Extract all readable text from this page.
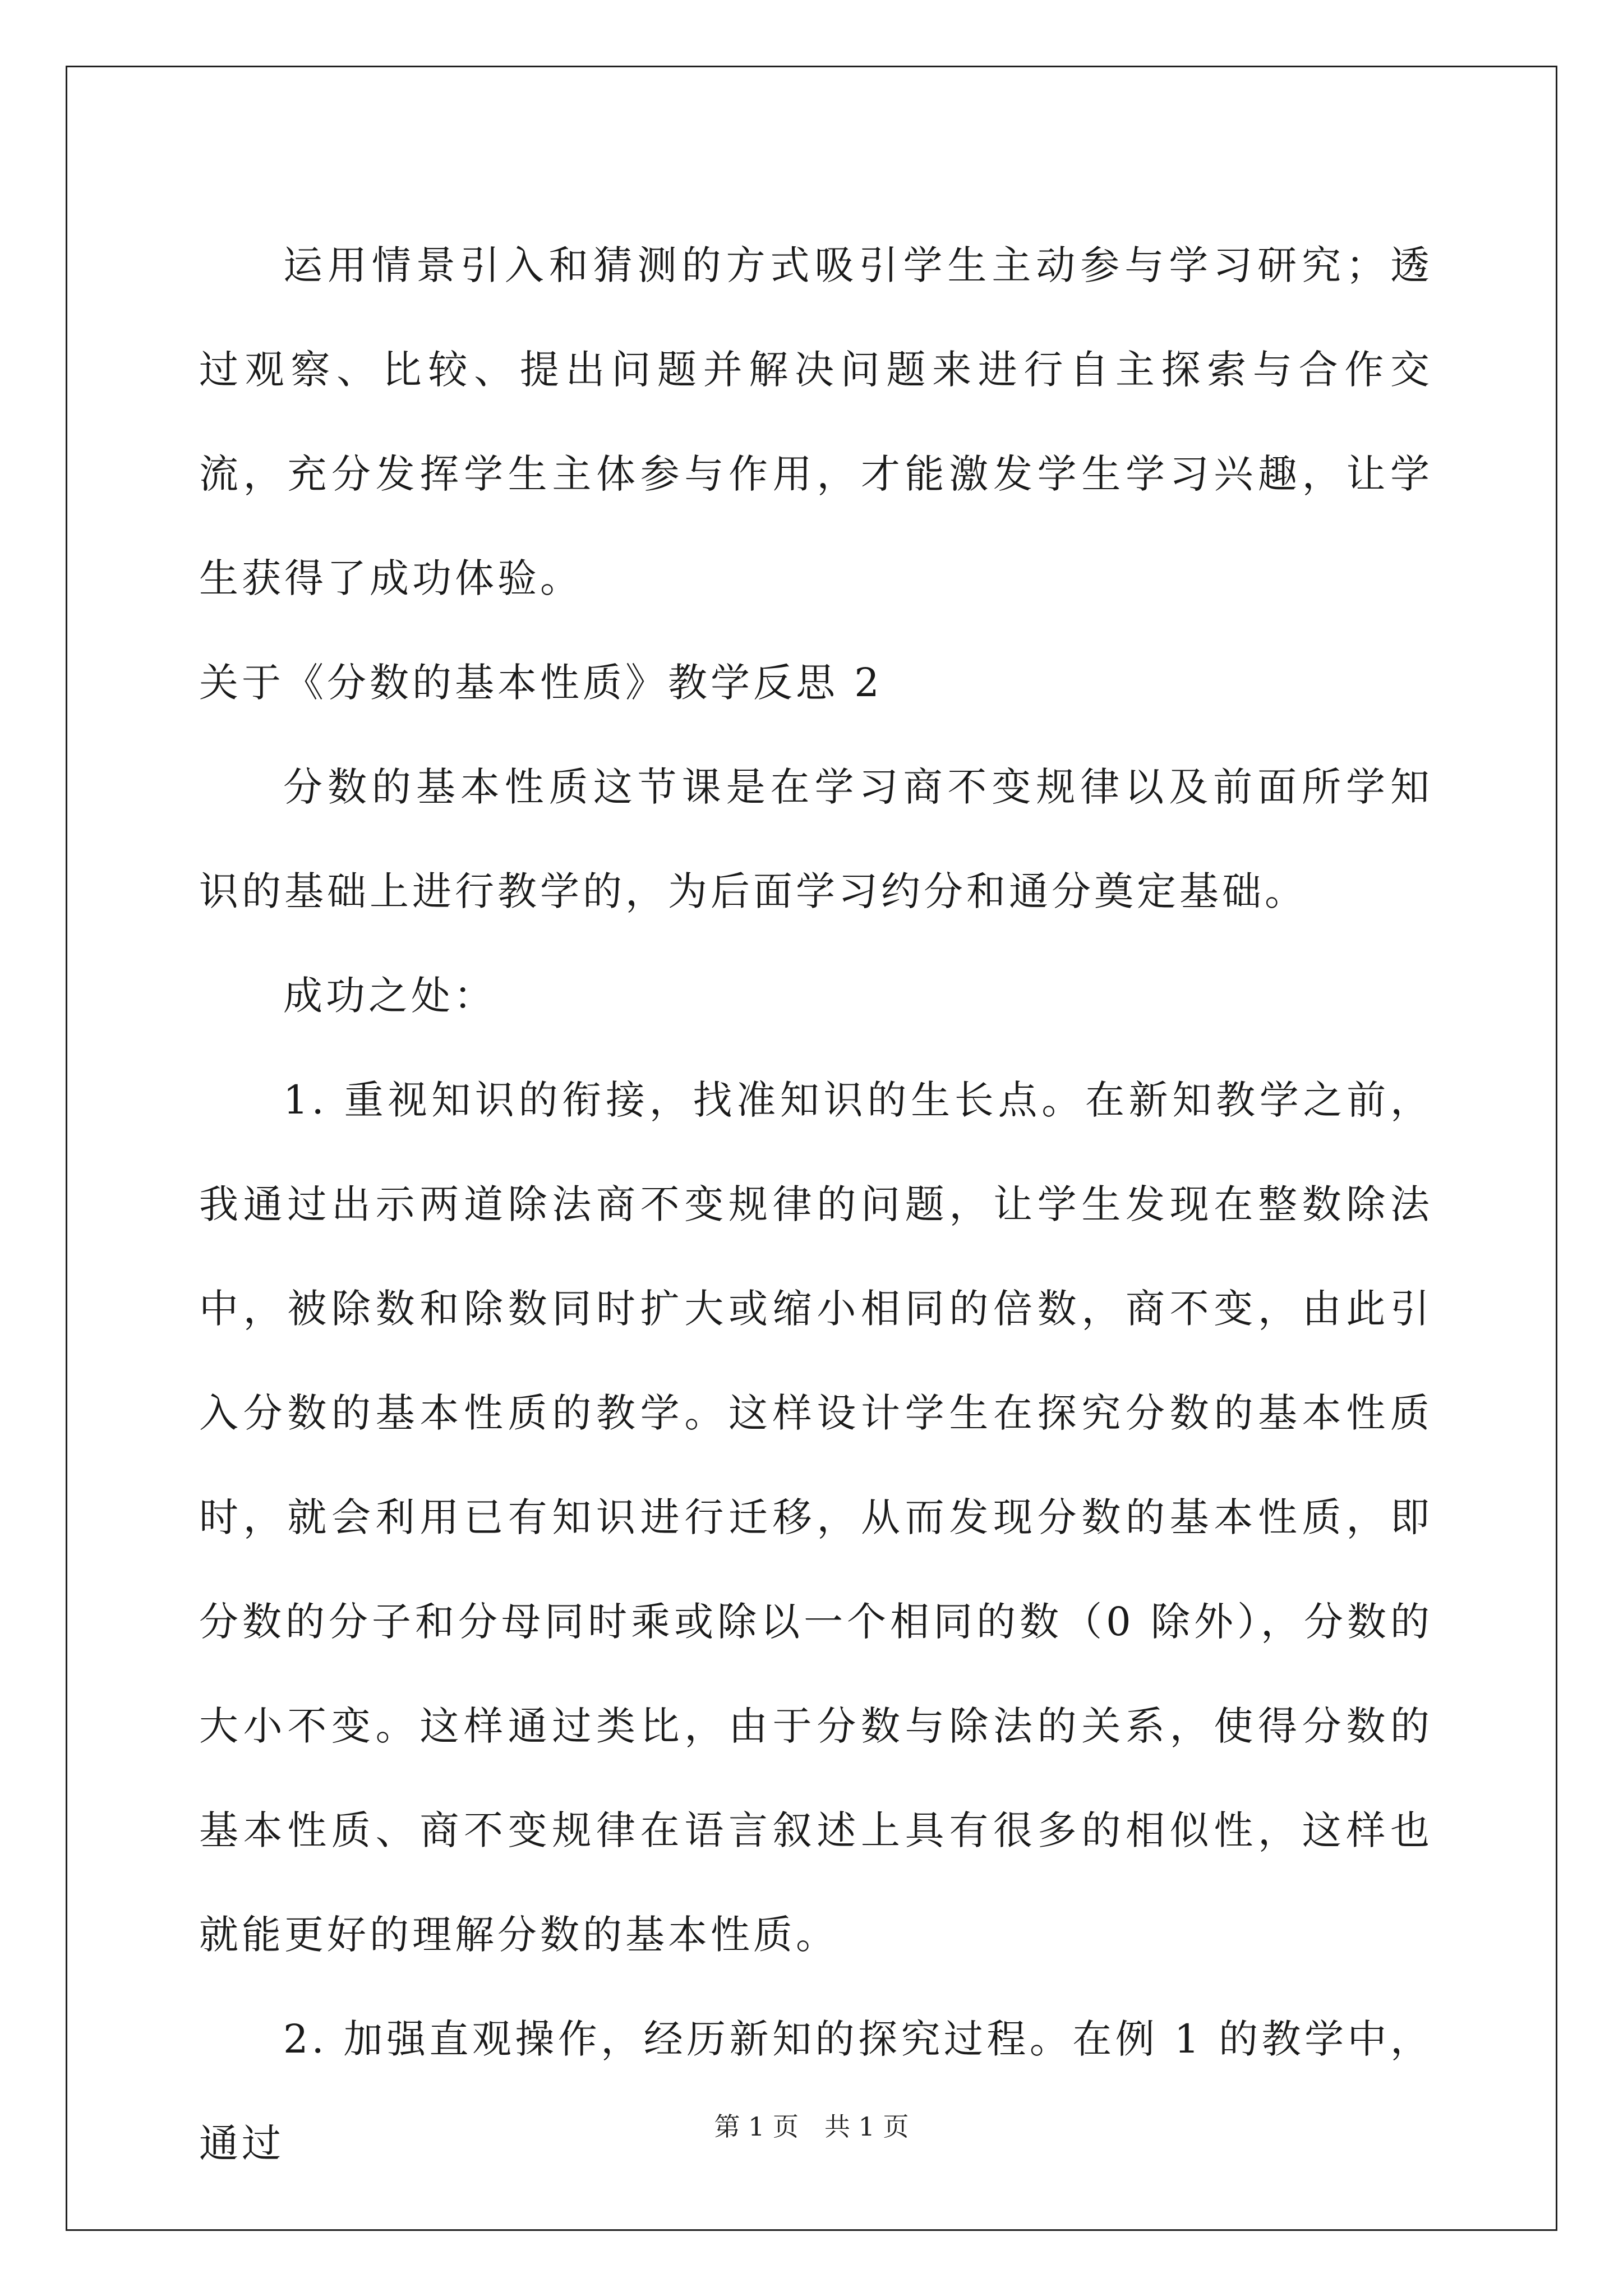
运用情景引入和猜测的方式吸引学生主动参与学习研究；透过观察、比较、提出问题并解决问题来进行自主探索与合作交流，充分发挥学生主体参与作用，才能激发学生学习兴趣，让学生获得了成功体验。

关于《分数的基本性质》教学反思 2

分数的基本性质这节课是在学习商不变规律以及前面所学知识的基础上进行教学的，为后面学习约分和通分奠定基础。

成功之处：

1. 重视知识的衔接，找准知识的生长点。在新知教学之前，我通过出示两道除法商不变规律的问题，让学生发现在整数除法中，被除数和除数同时扩大或缩小相同的倍数，商不变，由此引入分数的基本性质的教学。这样设计学生在探究分数的基本性质时，就会利用已有知识进行迁移，从而发现分数的基本性质，即分数的分子和分母同时乘或除以一个相同的数（0 除外），分数的大小不变。这样通过类比，由于分数与除法的关系，使得分数的基本性质、商不变规律在语言叙述上具有很多的相似性，这样也就能更好的理解分数的基本性质。

2. 加强直观操作，经历新知的探究过程。在例 1 的教学中，通过	第 1 页　共 1 页
